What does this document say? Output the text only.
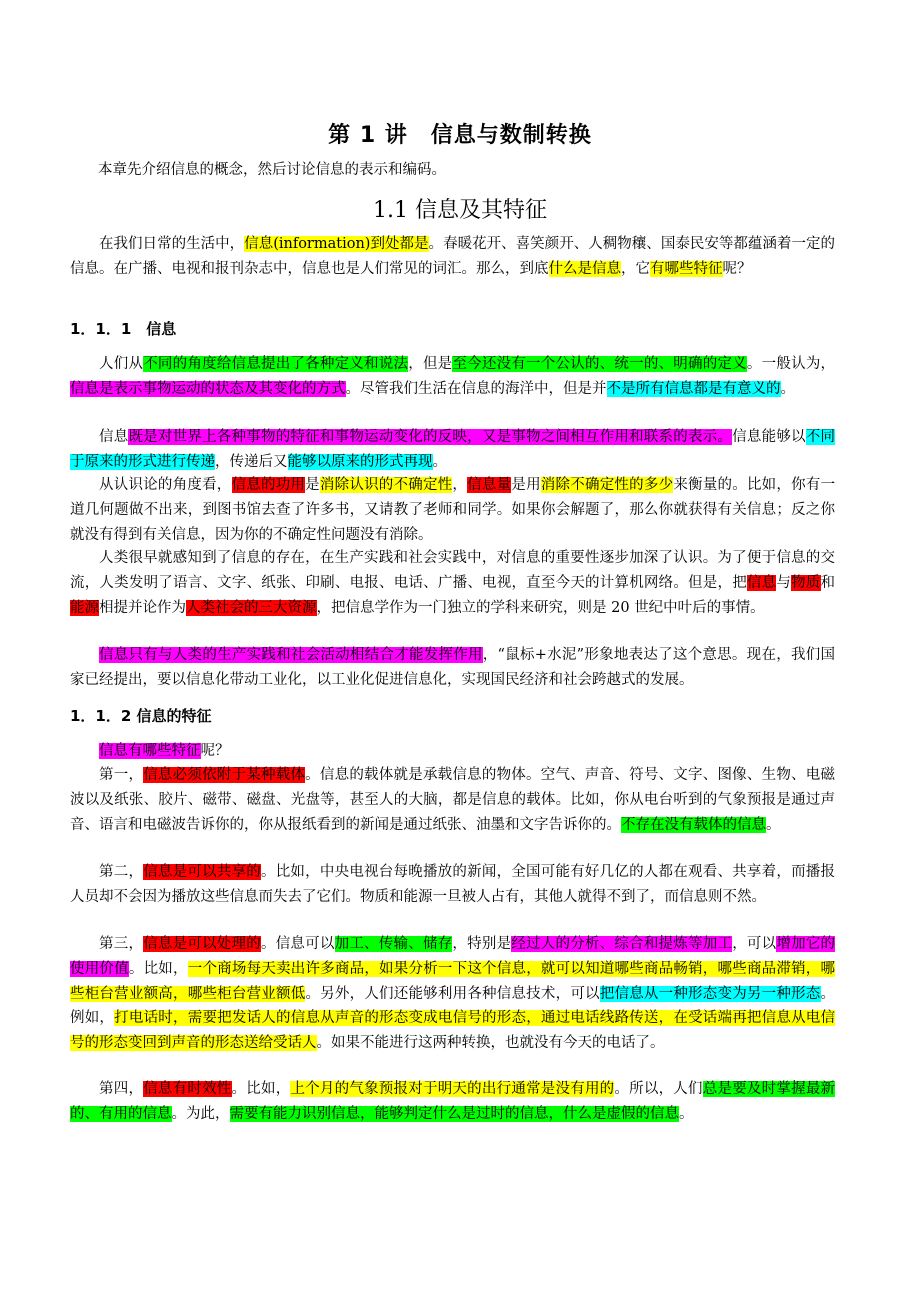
第 1 讲　信息与数制转换

本章先介绍信息的概念，然后讨论信息的表示和编码。

1.1 信息及其特征

在我们日常的生活中，信息(information)到处都是。春暖花开、喜笑颜开、人稠物穰、国泰民安等都蕴涵着一定的信息。在广播、电视和报刊杂志中，信息也是人们常见的词汇。那么，到底什么是信息，它有哪些特征呢？

1．1．1　信息

人们从不同的角度给信息提出了各种定义和说法，但是至今还没有一个公认的、统一的、明确的定义。一般认为，信息是表示事物运动的状态及其变化的方式。尽管我们生活在信息的海洋中，但是并不是所有信息都是有意义的。

信息既是对世界上各种事物的特征和事物运动变化的反映，又是事物之间相互作用和联系的表示。信息能够以不同于原来的形式进行传递，传递后又能够以原来的形式再现。

从认识论的角度看，信息的功用是消除认识的不确定性，信息量是用消除不确定性的多少来衡量的。比如，你有一道几何题做不出来，到图书馆去查了许多书，又请教了老师和同学。如果你会解题了，那么你就获得有关信息；反之你就没有得到有关信息，因为你的不确定性问题没有消除。

人类很早就感知到了信息的存在，在生产实践和社会实践中，对信息的重要性逐步加深了认识。为了便于信息的交流，人类发明了语言、文字、纸张、印刷、电报、电话、广播、电视，直至今天的计算机网络。但是，把信息与物质和能源相提并论作为人类社会的三大资源，把信息学作为一门独立的学科来研究，则是 20 世纪中叶后的事情。

信息只有与人类的生产实践和社会活动相结合才能发挥作用，“鼠标+水泥”形象地表达了这个意思。现在，我们国家已经提出，要以信息化带动工业化，以工业化促进信息化，实现国民经济和社会跨越式的发展。

1．1．2 信息的特征

信息有哪些特征呢？

第一，信息必须依附于某种载体。信息的载体就是承载信息的物体。空气、声音、符号、文字、图像、生物、电磁波以及纸张、胶片、磁带、磁盘、光盘等，甚至人的大脑，都是信息的载体。比如，你从电台听到的气象预报是通过声音、语言和电磁波告诉你的，你从报纸看到的新闻是通过纸张、油墨和文字告诉你的。不存在没有载体的信息。

第二，信息是可以共享的。比如，中央电视台每晚播放的新闻，全国可能有好几亿的人都在观看、共享着，而播报人员却不会因为播放这些信息而失去了它们。物质和能源一旦被人占有，其他人就得不到了，而信息则不然。

第三，信息是可以处理的。信息可以加工、传输、储存，特别是经过人的分析、综合和提炼等加工，可以增加它的使用价值。比如，一个商场每天卖出许多商品，如果分析一下这个信息，就可以知道哪些商品畅销，哪些商品滞销，哪些柜台营业额高，哪些柜台营业额低。另外，人们还能够利用各种信息技术，可以把信息从一种形态变为另一种形态。例如，打电话时，需要把发话人的信息从声音的形态变成电信号的形态，通过电话线路传送，在受话端再把信息从电信号的形态变回到声音的形态送给受话人。如果不能进行这两种转换，也就没有今天的电话了。

第四，信息有时效性。比如，上个月的气象预报对于明天的出行通常是没有用的。所以，人们总是要及时掌握最新的、有用的信息。为此，需要有能力识别信息，能够判定什么是过时的信息，什么是虚假的信息。
